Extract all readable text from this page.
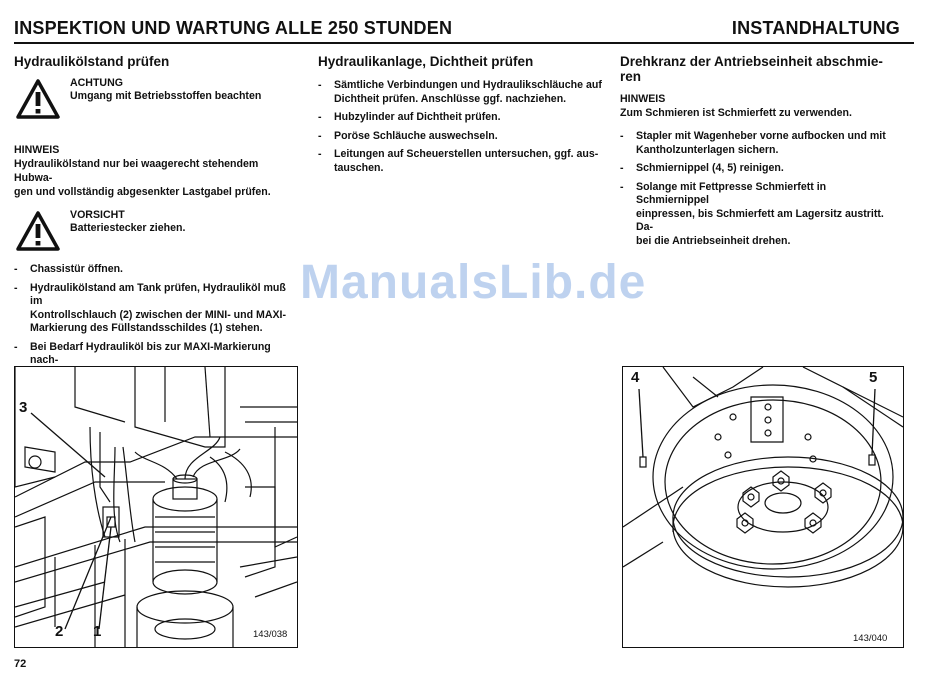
INSPEKTION UND WARTUNG ALLE 250 STUNDEN	INSTANDHALTUNG
Hydraulikölstand prüfen
ACHTUNG
Umgang mit Betriebsstoffen beachten
HINWEIS
Hydraulikölstand nur bei waagerecht stehendem Hubwa-
gen und vollständig abgesenkter Lastgabel prüfen.
VORSICHT
Batteriestecker ziehen.
- Chassistür öffnen.
- Hydraulikölstand am Tank prüfen, Hydrauliköl muß im
Kontrollschlauch (2) zwischen der MINI- und MAXI-
Markierung des Füllstandsschildes (1) stehen.
- Bei Bedarf Hydrauliköl bis zur MAXI-Markierung nach-
-
Hydraulikanlage, Dichtheit prüfen
- Sämtliche Verbindungen und Hydraulikschläuche auf
Dichtheit prüfen. Anschlüsse ggf. nachziehen.
- Hubzylinder auf Dichtheit prüfen.
- Poröse Schläuche auswechseln.
- Leitungen auf Scheuerstellen untersuchen, ggf. aus-
tauschen.
Drehkranz der Antriebseinheit abschmie-
ren
HINWEIS
Zum Schmieren ist Schmierfett zu verwenden.
- Stapler mit Wagenheber vorne aufbocken und mit
Kantholzunterlagen sichern.
- Schmiernippel (4, 5) reinigen.
- Solange mit Fettpresse Schmierfett in Schmiernippel
einpressen, bis Schmierfett am Lagersitz austritt. Da-
bei die Antriebseinheit drehen.
ManualsLib.de
3
2 1	143/038
4	5
143/040
72
